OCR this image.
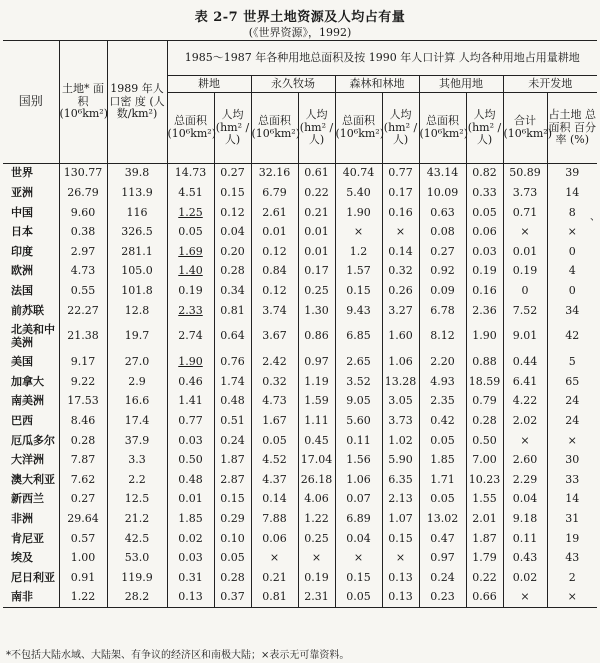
表 2-7 世界土地资源及人均占有量
(《世界资源》，1992)
国别	土地* 面积 (10⁶km²)	1989 年人 口密 度 (人 数/km²)	1985～1987 年各种用地总面积及按 1990 年人口计算 人均各种用地占用量耕地									
			耕地		永久牧场		森林和林地		其他用地		未开发地	
			总面积 (10⁶km²)	人均 (hm² /人)	总面积 (10⁶km²)	人均 (hm² /人)	总面积 (10⁶km²)	人均 (hm² /人)	总面积 (10⁶km²)	人均 (hm² /人)	合计 (10⁶km²)	占土地 总面积 百分率 (%)
世界	130.77	39.8	14.73	0.27	32.16	0.61	40.74	0.77	43.14	0.82	50.89	39
亚洲	26.79	113.9	4.51	0.15	6.79	0.22	5.40	0.17	10.09	0.33	3.73	14
中国	9.60	116	1.25	0.12	2.61	0.21	1.90	0.16	0.63	0.05	0.71	8
日本	0.38	326.5	0.05	0.04	0.01	0.01	×	×	0.08	0.06	×	×
印度	2.97	281.1	1.69	0.20	0.12	0.01	1.2	0.14	0.27	0.03	0.01	0
欧洲	4.73	105.0	1.40	0.28	0.84	0.17	1.57	0.32	0.92	0.19	0.19	4
法国	0.55	101.8	0.19	0.34	0.12	0.25	0.15	0.26	0.09	0.16	0	0
前苏联	22.27	12.8	2.33	0.81	3.74	1.30	9.43	3.27	6.78	2.36	7.52	34
北美和中美洲	21.38	19.7	2.74	0.64	3.67	0.86	6.85	1.60	8.12	1.90	9.01	42
美国	9.17	27.0	1.90	0.76	2.42	0.97	2.65	1.06	2.20	0.88	0.44	5
加拿大	9.22	2.9	0.46	1.74	0.32	1.19	3.52	13.28	4.93	18.59	6.41	65
南美洲	17.53	16.6	1.41	0.48	4.73	1.59	9.05	3.05	2.35	0.79	4.22	24
巴西	8.46	17.4	0.77	0.51	1.67	1.11	5.60	3.73	0.42	0.28	2.02	24
厄瓜多尔	0.28	37.9	0.03	0.24	0.05	0.45	0.11	1.02	0.05	0.50	×	×
大洋洲	7.87	3.3	0.50	1.87	4.52	17.04	1.56	5.90	1.85	7.00	2.60	30
澳大利亚	7.62	2.2	0.48	2.87	4.37	26.18	1.06	6.35	1.71	10.23	2.29	33
新西兰	0.27	12.5	0.01	0.15	0.14	4.06	0.07	2.13	0.05	1.55	0.04	14
非洲	29.64	21.2	1.85	0.29	7.88	1.22	6.89	1.07	13.02	2.01	9.18	31
肯尼亚	0.57	42.5	0.02	0.10	0.06	0.25	0.04	0.15	0.47	1.87	0.11	19
埃及	1.00	53.0	0.03	0.05	×	×	×	×	0.97	1.79	0.43	43
尼日利亚	0.91	119.9	0.31	0.28	0.21	0.19	0.15	0.13	0.24	0.22	0.02	2
南非	1.22	28.2	0.13	0.37	0.81	2.31	0.05	0.13	0.23	0.66	×	×
、
*不包括大陆水域、大陆架、有争议的经济区和南极大陆；×表示无可靠资料。
